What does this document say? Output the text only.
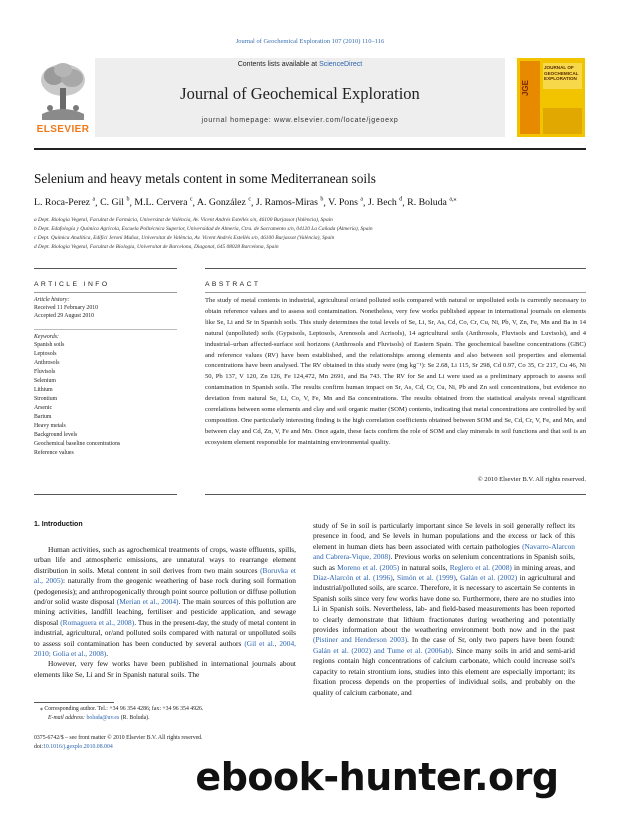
Journal of Geochemical Exploration 107 (2010) 110–116
ELSEVIER
Contents lists available at ScienceDirect
Journal of Geochemical Exploration
journal homepage: www.elsevier.com/locate/jgeoexp
JGE
JOURNAL OF GEOCHEMICAL EXPLORATION
Selenium and heavy metals content in some Mediterranean soils
L. Roca-Perez $^a$, C. Gil $^b$, M.L. Cervera $^c$, A. González $^c$, J. Ramos-Miras $^b$, V. Pons $^a$, J. Bech $^d$, R. Boluda $^{a,⁎}$
a Dept. Biologia Vegetal, Facultat de Farmàcia, Universitat de València, Av. Vicent Andrés Estellés s/n, 46100 Burjassot (València), Spain
b Dept. Edafología y Química Agrícola, Escuela Politécnica Superior, Universidad de Almería, Ctra. de Sacramento s/n, 04120 La Cañada (Almería), Spain
c Dept. Química Analítica, Edifici Jeroni Muñoz, Universitat de València, Av. Vicent Andrés Estellés s/n, 46100 Burjassot (València), Spain
d Dept. Biologia Vegetal, Facultat de Biologia, Universitat de Barcelona, Diagonal, 645 08028 Barcelona, Spain
ARTICLE INFO
Article history:
Received 11 February 2010
Accepted 29 August 2010
Keywords:
Spanish soils
Leptosols
Anthrosols
Fluvisols
Selenium
Lithium
Strontium
Arsenic
Barium
Heavy metals
Background levels
Geochemical baseline concentrations
Reference values
ABSTRACT
The study of metal contents in industrial, agricultural or/and polluted soils compared with natural or unpolluted soils is currently necessary to obtain reference values and to assess soil contamination. Nonetheless, very few works published appear in international journals on elements like Se, Li and Sr in Spanish soils. This study determines the total levels of Se, Li, Sr, As, Cd, Co, Cr, Cu, Ni, Pb, V, Zn, Fe, Mn and Ba in 14 natural (unpolluted) soils (Gypsisols, Leptosols, Arenosols and Acrisols), 14 agricultural soils (Anthrosols, Fluvisols and Luvisols), and 4 industrial–urban affected-surface soil horizons (Anthrosols and Fluvisols) of Eastern Spain. The geochemical baseline concentrations (GBC) and reference values (RV) have been established, and the relationships among elements and also between soil properties and elemental concentrations have been analysed. The RV obtained in this study were (mg kg⁻¹): Se 2.68, Li 115, Sr 298, Cd 0.97, Co 35, Cr 217, Cu 46, Ni 50, Pb 137, V 120, Zn 126, Fe 124,472, Mn 2691, and Ba 743. The RV for Se and Li were used as a preliminary approach to assess soil contamination in Spanish soils. The results confirm human impact on Sr, As, Cd, Cr, Cu, Ni, Pb and Zn soil concentrations, but evidence no deviation from natural Se, Li, Co, V, Fe, Mn and Ba concentrations. The results obtained from the statistical analysis reveal significant correlations between some elements and clay and soil organic matter (SOM) contents, indicating that metal concentrations are controlled by soil composition. One particularly interesting finding is the high correlation coefficients obtained between SOM and Se, Cd, Cr, V, Fe, and Mn, and between clay and Cd, Zn, V, Fe and Mn. Once again, these facts confirm the role of SOM and clay minerals in soil functions and that soil is an ecosystem element responsible for maintaining environmental quality.
© 2010 Elsevier B.V. All rights reserved.
1. Introduction

Human activities, such as agrochemical treatments of crops, waste effluents, spills, urban life and atmospheric emissions, are unnatural ways to rearrange element distribution in soils. Metal content in soil derives from two main sources (Boruvka et al., 2005): naturally from the geogenic weathering of base rock during soil formation (pedogenesis); and anthropogenically through point source pollution or diffuse pollution and/or solid waste disposal (Merian et al., 2004). The main sources of this pollution are mining activities, landfill leaching, fertiliser and pesticide application, and sewage disposal (Romaguera et al., 2008). Thus in the present-day, the study of metal content in industrial, agricultural, or/and polluted soils compared with natural or unpolluted soils to assess soil contamination has been conducted by several authors (Gil et al., 2004, 2010; Golia et al., 2008).

However, very few works have been published in international journals about elements like Se, Li and Sr in Spanish natural soils. The

study of Se in soil is particularly important since Se levels in soil generally reflect its presence in food, and Se levels in human populations and the excess or lack of this element in human diets has been associated with certain pathologies (Navarro-Alarcon and Cabrera-Vique, 2008). Previous works on selenium concentrations in Spanish soils, such as Moreno et al. (2005) in natural soils, Reglero et al. (2008) in mining areas, and Díaz-Alarcón et al. (1996), Simón et al. (1999), Galán et al. (2002) in agricultural and industrial/polluted soils, are scarce. Therefore, it is necessary to ascertain Se contents in Spanish soils since very few works have done so. Furthermore, there are no studies into Li in Spanish soils. Nevertheless, lab- and field-based measurements has been reported to clearly demonstrate that lithium fractionates during weathering and potentially provides information about the weathering environment both now and in the past (Pistiner and Henderson 2003). In the case of Sr, only two papers have been found: Galán et al. (2002) and Tume et al. (2006ab). Since many soils in arid and semi-arid regions contain high concentrations of calcium carbonate, which could increase soil's capacity to retain strontium ions, studies into this element are especially important; its fixation process depends on the properties of individual soils, and probably on the quality of calcium carbonate, and

⁎ Corresponding author. Tel.: +34 96 354 4286; fax: +34 96 354 4926.
E-mail address: boluda@uv.es (R. Boluda).
0375-6742/$ – see front matter © 2010 Elsevier B.V. All rights reserved.
doi:10.1016/j.gexplo.2010.08.004
ebook-hunter.org
